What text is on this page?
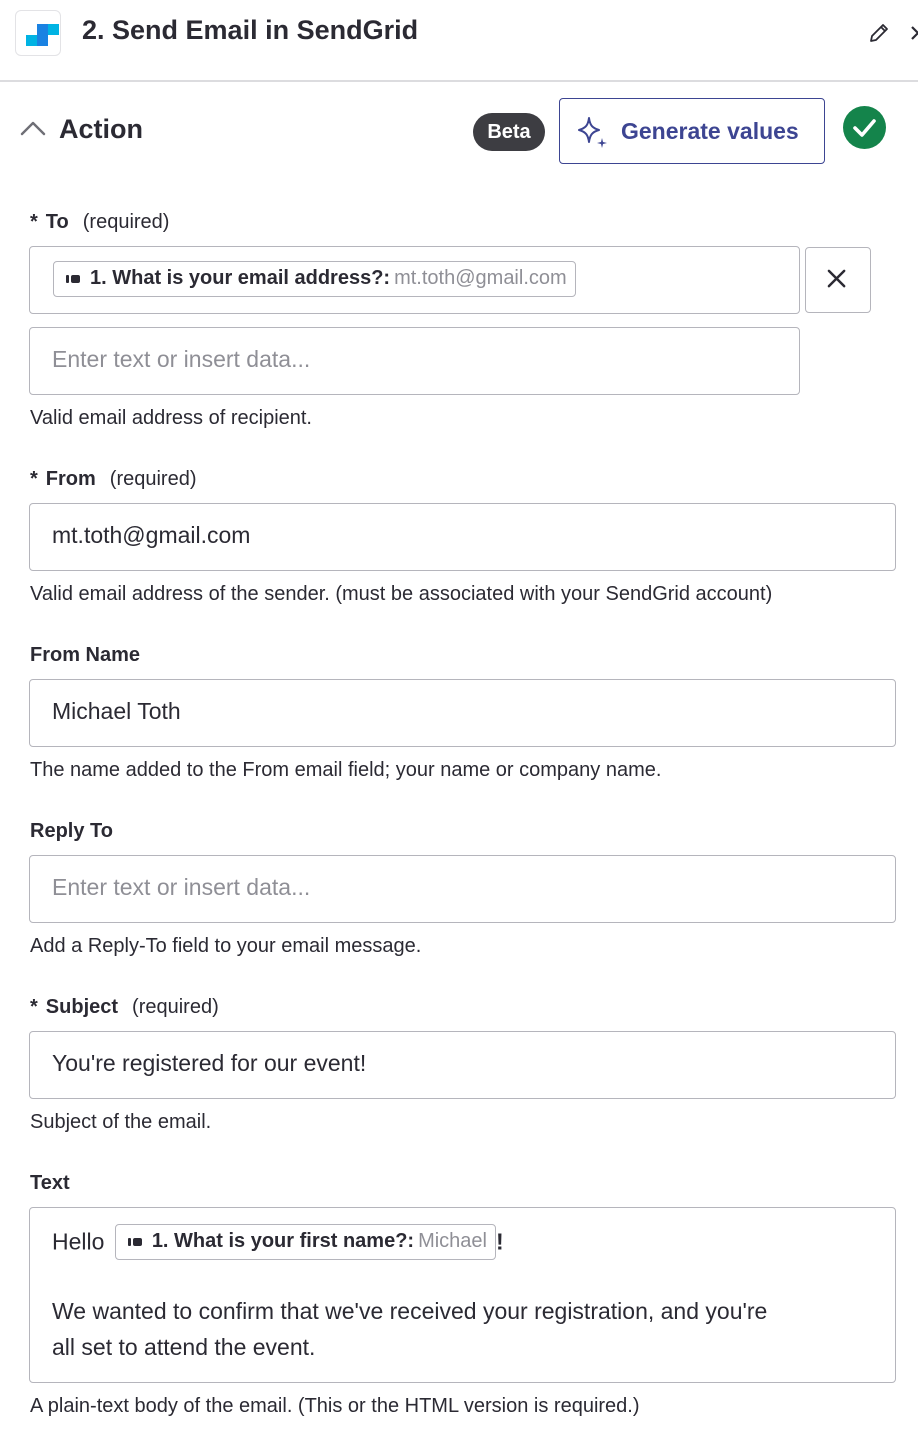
2. Send Email in SendGrid
Action	Beta	Generate values
* To (required)
1. What is your email address?: mt.toth@gmail.com
Enter text or insert data...
Valid email address of recipient.
* From (required)
mt.toth@gmail.com
Valid email address of the sender. (must be associated with your SendGrid account)
From Name
Michael Toth
The name added to the From email field; your name or company name.
Reply To
Enter text or insert data...
Add a Reply-To field to your email message.
* Subject (required)
You're registered for our event!
Subject of the email.
Text
Hello 1. What is your first name?: Michael !
We wanted to confirm that we've received your registration, and you're
all set to attend the event.
A plain-text body of the email. (This or the HTML version is required.)
